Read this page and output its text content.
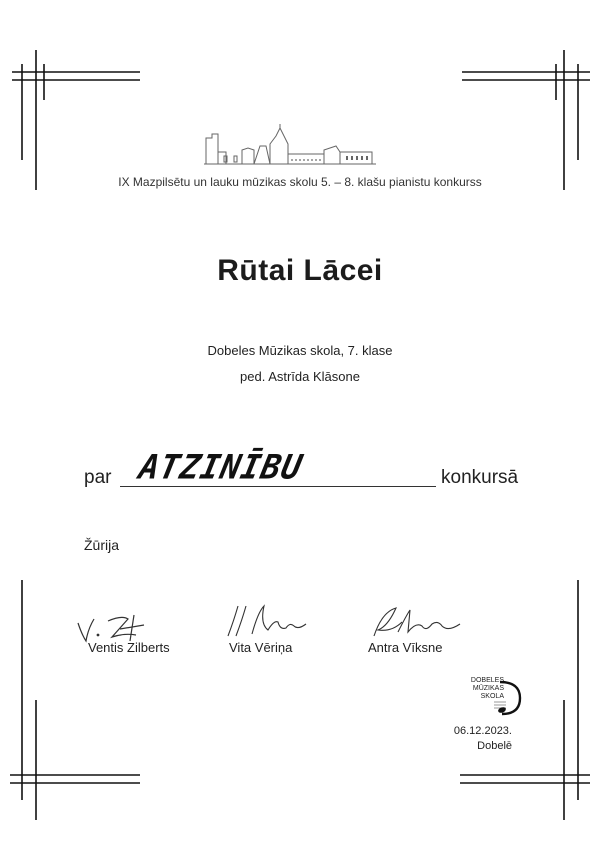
IX Mazpilsētu un lauku mūzikas skolu 5. – 8. klašu pianistu konkurss
Rūtai Lācei
Dobeles Mūzikas skola, 7. klase
ped. Astrīda Klāsone
par ATZINĪBU	konkursā
Žūrija
Ventis Zilberts	Vita Vēriņa	Antra Vīksne
DOBELES
MŪZIKAS
SKOLA
06.12.2023.
Dobelē
